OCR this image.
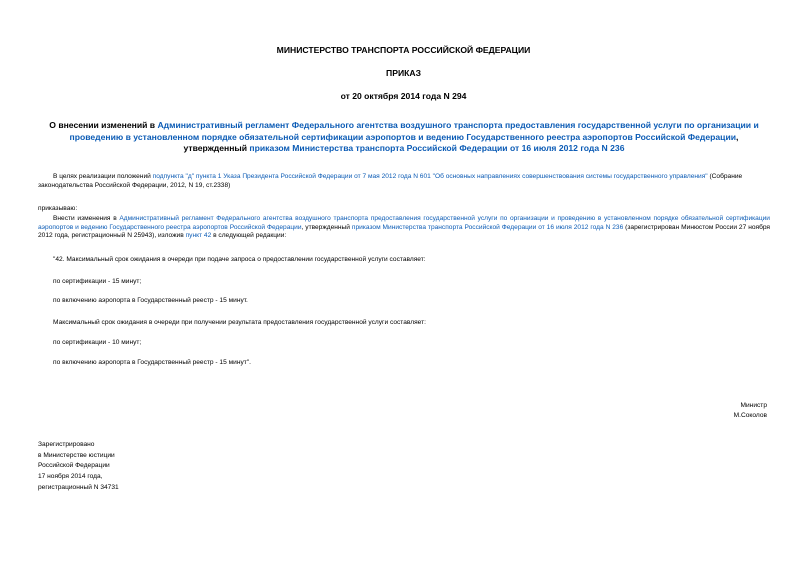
МИНИСТЕРСТВО ТРАНСПОРТА РОССИЙСКОЙ ФЕДЕРАЦИИ
ПРИКАЗ
от 20 октября 2014 года N 294
О внесении изменений в Административный регламент Федерального агентства воздушного транспорта предоставления государственной услуги по организации и проведению в установленном порядке обязательной сертификации аэропортов и ведению Государственного реестра аэропортов Российской Федерации, утвержденный приказом Министерства транспорта Российской Федерации от 16 июля 2012 года N 236
В целях реализации положений подпункта "д" пункта 1 Указа Президента Российской Федерации от 7 мая 2012 года N 601 "Об основных направлениях совершенствования системы государственного управления" (Собрание законодательства Российской Федерации, 2012, N 19, ст.2338)
приказываю:
Внести изменения в Административный регламент Федерального агентства воздушного транспорта предоставления государственной услуги по организации и проведению в установленном порядке обязательной сертификации аэропортов и ведению Государственного реестра аэропортов Российской Федерации, утвержденный приказом Министерства транспорта Российской Федерации от 16 июля 2012 года N 236 (зарегистрирован Минюстом России 27 ноября 2012 года, регистрационный N 25943), изложив пункт 42 в следующей редакции:
"42. Максимальный срок ожидания в очереди при подаче запроса о предоставлении государственной услуги составляет:
по сертификации - 15 минут;
по включению аэропорта в Государственный реестр - 15 минут.
Максимальный срок ожидания в очереди при получении результата предоставления государственной услуги составляет:
по сертификации - 10 минут;
по включению аэропорта в Государственный реестр - 15 минут".
Министр
М.Соколов
Зарегистрировано
в Министерстве юстиции
Российской Федерации
17 ноября 2014 года,
регистрационный N 34731
